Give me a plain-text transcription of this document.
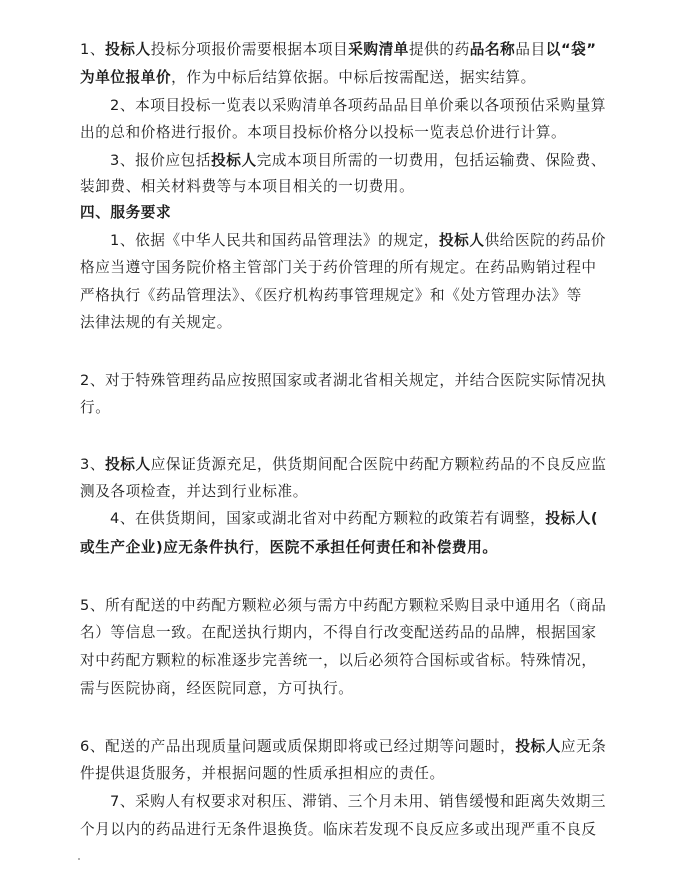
1、投标人投标分项报价需要根据本项目采购清单提供的药品名称品目以“袋”
为单位报单价，作为中标后结算依据。中标后按需配送，据实结算。
2、本项目投标一览表以采购清单各项药品品目单价乘以各项预估采购量算
出的总和价格进行报价。本项目投标价格分以投标一览表总价进行计算。
3、报价应包括投标人完成本项目所需的一切费用，包括运输费、保险费、
装卸费、相关材料费等与本项目相关的一切费用。
四、服务要求
1、依据《中华人民共和国药品管理法》的规定，投标人供给医院的药品价
格应当遵守国务院价格主管部门关于药价管理的所有规定。在药品购销过程中
严格执行《药品管理法》、《医疗机构药事管理规定》和《处方管理办法》等
法律法规的有关规定。
2、对于特殊管理药品应按照国家或者湖北省相关规定，并结合医院实际情况执
行。
3、投标人应保证货源充足，供货期间配合医院中药配方颗粒药品的不良反应监
测及各项检查，并达到行业标准。
4、在供货期间，国家或湖北省对中药配方颗粒的政策若有调整，投标人(
或生产企业)应无条件执行，医院不承担任何责任和补偿费用。
5、所有配送的中药配方颗粒必须与需方中药配方颗粒采购目录中通用名（商品
名）等信息一致。在配送执行期内，不得自行改变配送药品的品牌，根据国家
对中药配方颗粒的标准逐步完善统一，以后必须符合国标或省标。特殊情况，
需与医院协商，经医院同意，方可执行。
6、配送的产品出现质量问题或质保期即将或已经过期等问题时，投标人应无条
件提供退货服务，并根据问题的性质承担相应的责任。
7、采购人有权要求对积压、滞销、三个月未用、销售缓慢和距离失效期三
个月以内的药品进行无条件退换货。临床若发现不良反应多或出现严重不良反
